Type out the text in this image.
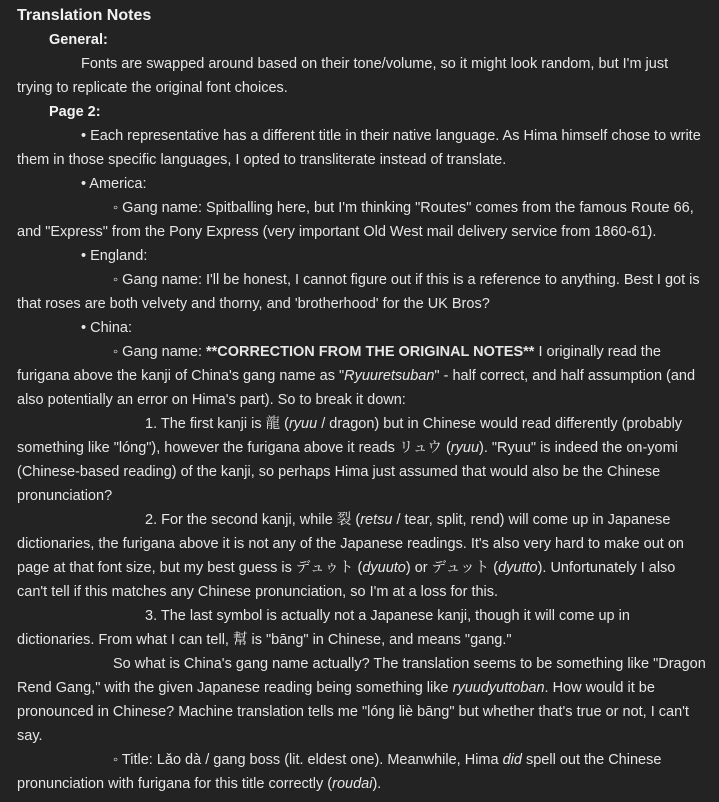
Translation Notes
General:

Fonts are swapped around based on their tone/volume, so it might look random, but I'm just trying to replicate the original font choices.

Page 2:

• Each representative has a different title in their native language. As Hima himself chose to write them in those specific languages, I opted to transliterate instead of translate.

• America:

◦ Gang name: Spitballing here, but I'm thinking "Routes" comes from the famous Route 66, and "Express" from the Pony Express (very important Old West mail delivery service from 1860-61).

• England:

◦ Gang name: I'll be honest, I cannot figure out if this is a reference to anything. Best I got is that roses are both velvety and thorny, and 'brotherhood' for the UK Bros?

• China:

◦ Gang name: **CORRECTION FROM THE ORIGINAL NOTES** I originally read the furigana above the kanji of China's gang name as "Ryuuretsuban" - half correct, and half assumption (and also potentially an error on Hima's part). So to break it down:

1. The first kanji is 龍 (ryuu / dragon) but in Chinese would read differently (probably something like "lóng"), however the furigana above it reads リュウ (ryuu). "Ryuu" is indeed the on-yomi (Chinese-based reading) of the kanji, so perhaps Hima just assumed that would also be the Chinese pronunciation?

2. For the second kanji, while 裂 (retsu / tear, split, rend) will come up in Japanese dictionaries, the furigana above it is not any of the Japanese readings. It's also very hard to make out on page at that font size, but my best guess is デュゥト (dyuuto) or デュット (dyutto). Unfortunately I also can't tell if this matches any Chinese pronunciation, so I'm at a loss for this.

3. The last symbol is actually not a Japanese kanji, though it will come up in dictionaries. From what I can tell, 幫 is "bāng" in Chinese, and means "gang."

So what is China's gang name actually? The translation seems to be something like "Dragon Rend Gang," with the given Japanese reading being something like ryuudyuttoban. How would it be pronounced in Chinese? Machine translation tells me "lóng liè bāng" but whether that's true or not, I can't say.

◦ Title: Lǎo dà / gang boss (lit. eldest one). Meanwhile, Hima did spell out the Chinese pronunciation with furigana for this title correctly (roudai).
